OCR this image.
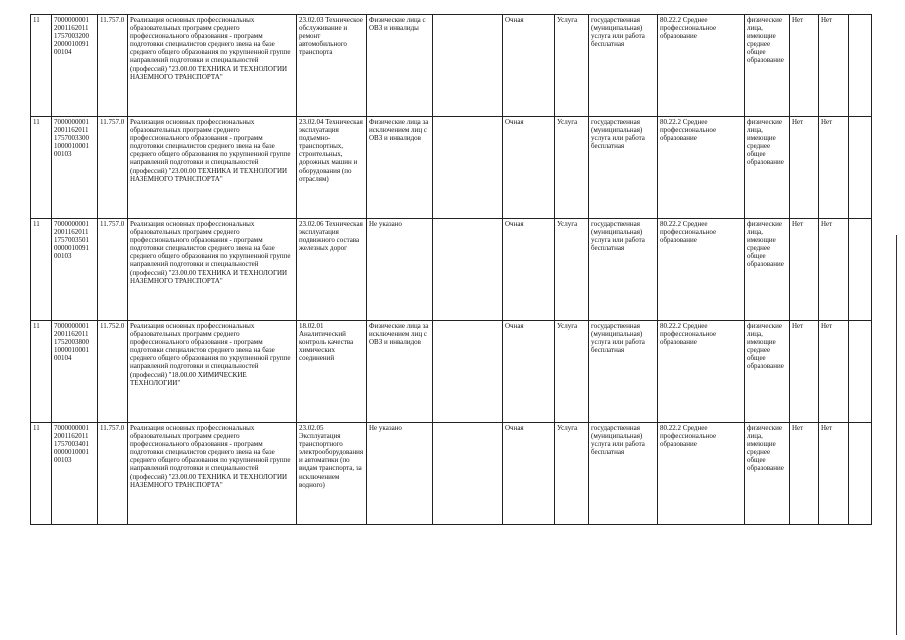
11	7000000001 2001162011 1757003200 2000010091 00104	11.757.0	Реализация основных профессиональных образовательных программ среднего профессионального образования - программ подготовки специалистов среднего звена на базе среднего общего образования по укрупненной группе направлений подготовки и специальностей (профессий) "23.00.00 ТЕХНИКА И ТЕХНОЛОГИИ НАЗЕМНОГО ТРАНСПОРТА"	23.02.03 Техническое обслуживание и ремонт автомобильного транспорта	Физические лица с ОВЗ и инвалиды		Очная	Услуга	государственная (муниципальная) услуга или работа бесплатная	80.22.2 Среднее профессиональное образование	физические лица, имеющие среднее общее образование	Нет	Нет	
11	7000000001 2001162011 1757003300 1000010001 00103	11.757.0	Реализация основных профессиональных образовательных программ среднего профессионального образования - программ подготовки специалистов среднего звена на базе среднего общего образования по укрупненной группе направлений подготовки и специальностей (профессий) "23.00.00 ТЕХНИКА И ТЕХНОЛОГИИ НАЗЕМНОГО ТРАНСПОРТА"	23.02.04 Техническая эксплуатация подъемно-транспортных, строительных, дорожных машин и оборудования (по отраслям)	Физические лица за исключением лиц с ОВЗ и инвалидов		Очная	Услуга	государственная (муниципальная) услуга или работа бесплатная	80.22.2 Среднее профессиональное образование	физические лица, имеющие среднее общее образование	Нет	Нет	
11	7000000001 2001162011 1757003501 0000010091 00103	11.757.0	Реализация основных профессиональных образовательных программ среднего профессионального образования - программ подготовки специалистов среднего звена на базе среднего общего образования по укрупненной группе направлений подготовки и специальностей (профессий) "23.00.00 ТЕХНИКА И ТЕХНОЛОГИИ НАЗЕМНОГО ТРАНСПОРТА"	23.02.06 Техническая эксплуатация подвижного состава железных дорог	Не указано		Очная	Услуга	государственная (муниципальная) услуга или работа бесплатная	80.22.2 Среднее профессиональное образование	физические лица, имеющие среднее общее образование	Нет	Нет	
11	7000000001 2001162011 1752003800 1000010001 00104	11.752.0	Реализация основных профессиональных образовательных программ среднего профессионального образования - программ подготовки специалистов среднего звена на базе среднего общего образования по укрупненной группе направлений подготовки и специальностей (профессий) "18.00.00 ХИМИЧЕСКИЕ ТЕХНОЛОГИИ"	18.02.01 Аналитический контроль качества химических соединений	Физические лица за исключением лиц с ОВЗ и инвалидов		Очная	Услуга	государственная (муниципальная) услуга или работа бесплатная	80.22.2 Среднее профессиональное образование	физические лица, имеющие среднее общее образование	Нет	Нет	
11	7000000001 2001162011 1757003401 0000010001 00103	11.757.0	Реализация основных профессиональных образовательных программ среднего профессионального образования - программ подготовки специалистов среднего звена на базе среднего общего образования по укрупненной группе направлений подготовки и специальностей (профессий) "23.00.00 ТЕХНИКА И ТЕХНОЛОГИИ НАЗЕМНОГО ТРАНСПОРТА"	23.02.05 Эксплуатация транспортного электрооборудования и автоматики (по видам транспорта, за исключением водного)	Не указано		Очная	Услуга	государственная (муниципальная) услуга или работа бесплатная	80.22.2 Среднее профессиональное образование	физические лица, имеющие среднее общее образование	Нет	Нет	
